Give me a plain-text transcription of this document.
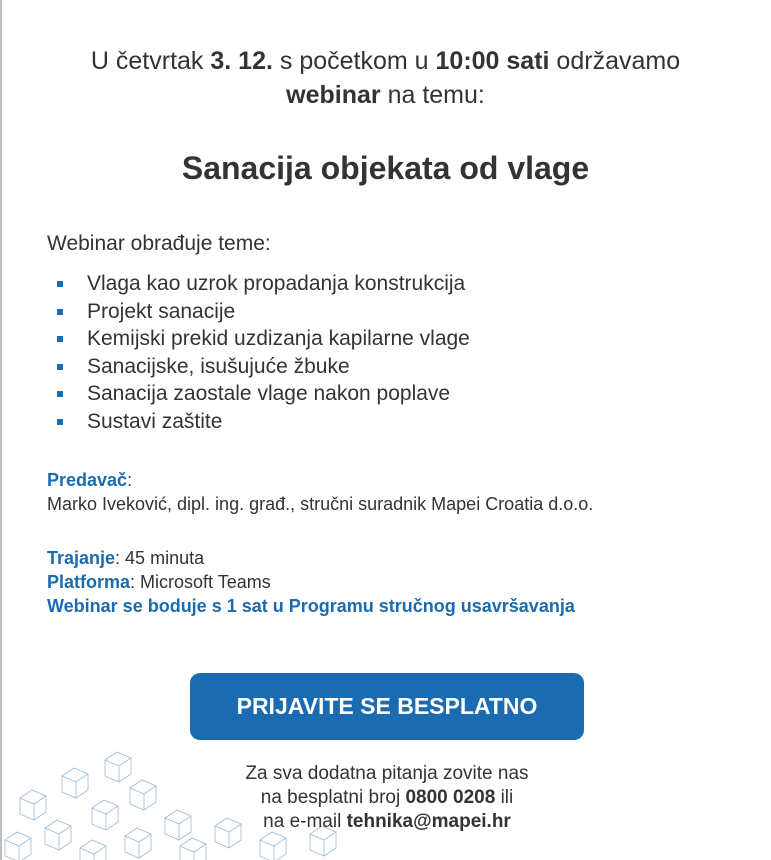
U četvrtak 3. 12. s početkom u 10:00 sati održavamo
webinar na temu:
Sanacija objekata od vlage
Webinar obrađuje teme:
Vlaga kao uzrok propadanja konstrukcija
Projekt sanacije
Kemijski prekid uzdizanja kapilarne vlage
Sanacijske, isušujuće žbuke
Sanacija zaostale vlage nakon poplave
Sustavi zaštite
Predavač:
Marko Iveković, dipl. ing. građ., stručni suradnik Mapei Croatia d.o.o.
Trajanje: 45 minuta
Platforma: Microsoft Teams
Webinar se boduje s 1 sat u Programu stručnog usavršavanja
PRIJAVITE SE BESPLATNO
Za sva dodatna pitanja zovite nas
na besplatni broj 0800 0208 ili
na e-mail tehnika@mapei.hr
